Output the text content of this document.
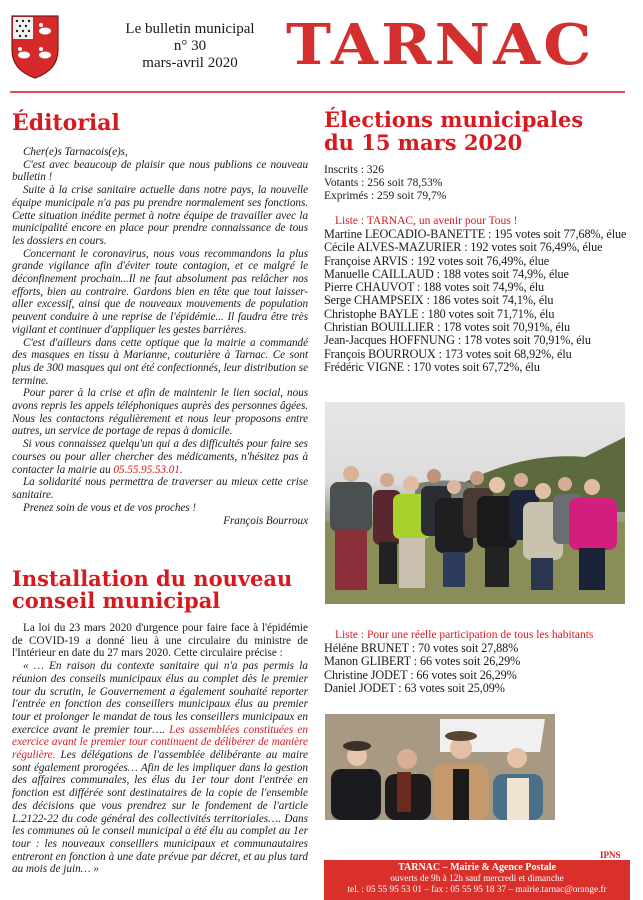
Le bulletin municipal
n° 30
mars-avril 2020 TARNAC
Éditorial

Cher(e)s Tarnacois(e)s,

C'est avec beaucoup de plaisir que nous publions ce nouveau bulletin !

Suite à la crise sanitaire actuelle dans notre pays, la nouvelle équipe municipale n'a pas pu prendre normalement ses fonctions. Cette situation inédite permet à notre équipe de travailler avec la municipalité encore en place pour prendre connaissance de tous les dossiers en cours.

Concernant le coronavirus, nous vous recommandons la plus grande vigilance afin d'éviter toute contagion, et ce malgré le déconfinement prochain...Il ne faut absolument pas relâcher nos efforts, bien au contraire. Gardons bien en tête que tout laisser-aller excessif, ainsi que de nouveaux mouvements de population peuvent conduire à une reprise de l'épidémie... Il faudra être très vigilant et continuer d'appliquer les gestes barrières.

C'est d'ailleurs dans cette optique que la mairie a commandé des masques en tissu à Marianne, couturière à Tarnac. Ce sont plus de 300 masques qui ont été confectionnés, leur distribution se termine.

Pour parer à la crise et afin de maintenir le lien social, nous avons repris les appels téléphoniques auprès des personnes âgées. Nous les contactons régulièrement et nous leur proposons entre autres, un service de portage de repas à domicile.

Si vous connaissez quelqu'un qui a des difficultés pour faire ses courses ou pour aller chercher des médicaments, n'hésitez pas à contacter la mairie au 05.55.95.53.01.

La solidarité nous permettra de traverser au mieux cette crise sanitaire.

Prenez soin de vous et de vos proches !

François Bourroux
Installation du nouveau conseil municipal

La loi du 23 mars 2020 d'urgence pour faire face à l'épidémie de COVID-19 a donné lieu à une circulaire du ministre de l'Intérieur en date du 27 mars 2020. Cette circulaire précise :

« … En raison du contexte sanitaire qui n'a pas permis la réunion des conseils municipaux élus au complet dès le premier tour du scrutin, le Gouvernement a également souhaité reporter l'entrée en fonction des conseillers municipaux élus au premier tour et prolonger le mandat de tous les conseillers municipaux en exercice avant le premier tour…. Les assemblées constituées en exercice avant le premier tour continuent de délibérer de manière régulière. Les délégations de l'assemblée délibérante au maire sont également prorogées… Afin de les impliquer dans la gestion des affaires communales, les élus du 1er tour dont l'entrée en fonction est différée sont destinataires de la copie de l'ensemble des décisions que vous prendrez sur le fondement de l'article L.2122-22 du code général des collectivités territoriales…. Dans les communes où le conseil municipal a été élu au complet au 1er tour : les nouveaux conseillers municipaux et communautaires entreront en fonction à une date prévue par décret, et au plus tard au mois de juin… »

Élections municipales
du 15 mars 2020
Inscrits : 326
Votants : 256 soit 78,53%
Exprimés : 259 soit 79,7%
Liste : TARNAC, un avenir pour Tous !
Martine LEOCADIO-BANETTE : 195 votes soit 77,68%, élue
Cécile ALVES-MAZURIER : 192 votes soit 76,49%, élue
Françoise ARVIS : 192 votes soit 76,49%, élue
Manuelle CAILLAUD : 188 votes soit 74,9%, élue
Pierre CHAUVOT : 188 votes soit 74,9%, élu
Serge CHAMPSEIX : 186 votes soit 74,1%, élu
Christophe BAYLE : 180 votes soit 71,71%, élu
Christian BOUILLIER : 178 votes soit 70,91%, élu
Jean-Jacques HOFFNUNG : 178 votes soit 70,91%, élu
François BOURROUX : 173 votes soit 68,92%, élu
Frédéric VIGNE : 170 votes soit 67,72%, élu
Liste : Pour une réelle participation de tous les habitants
Héléne BRUNET : 70 votes soit 27,88%
Manon GLIBERT : 66 votes soit 26,29%
Christine JODET : 66 votes soit 26,29%
Daniel JODET : 63 votes soit 25,09%
IPNS
TARNAC – Mairie & Agence Postale
ouverts de 9h à 12h sauf mercredi et dimanche
tel. : 05 55 95 53 01 – fax : 05 55 95 18 37 – mairie.tarnac@orange.fr
